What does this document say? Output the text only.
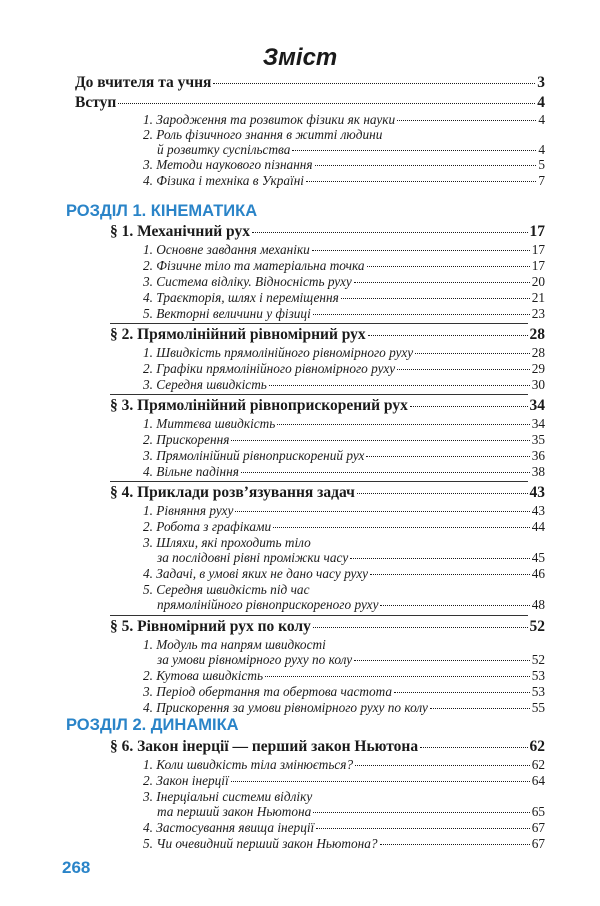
Зміст
До вчителя та учня	3
Вступ	4
1. Зародження та розвиток фізики як науки	4
2. Роль фізичного знання в житті людини
й розвитку суспільства	4
3. Методи наукового пізнання	5
4. Фізика і техніка в Україні	7
РОЗДІЛ 1. КІНЕМАТИКА
§ 1. Механічний рух	17
1. Основне завдання механіки	17
2. Фізичне тіло та матеріальна точка	17
3. Система відліку. Відносність руху	20
4. Траєкторія, шлях і переміщення	21
5. Векторні величини у фізиці	23
§ 2. Прямолінійний рівномірний рух	28
1. Швидкість прямолінійного рівномірного руху	28
2. Графіки прямолінійного рівномірного руху	29
3. Середня швидкість	30
§ 3. Прямолінійний рівноприскорений рух	34
1. Миттєва швидкість	34
2. Прискорення	35
3. Прямолінійний рівноприскорений рух	36
4. Вільне падіння	38
§ 4. Приклади розв’язування задач	43
1. Рівняння руху	43
2. Робота з графіками	44
3. Шляхи, які проходить тіло
за послідовні рівні проміжки часу	45
4. Задачі, в умові яких не дано часу руху	46
5. Середня швидкість під час
прямолінійного рівноприскореного руху	48
§ 5. Рівномірний рух по колу	52
1. Модуль та напрям швидкості
за умови рівномірного руху по колу	52
2. Кутова швидкість	53
3. Період обертання та обертова частота	53
4. Прискорення за умови рівномірного руху по колу	55
РОЗДІЛ 2. ДИНАМІКА
§ 6. Закон інерції — перший закон Ньютона	62
1. Коли швидкість тіла змінюється?	62
2. Закон інерції	64
3. Інерціальні системи відліку
та перший закон Ньютона	65
4. Застосування явища інерції	67
5. Чи очевидний перший закон Ньютона?	67
268
